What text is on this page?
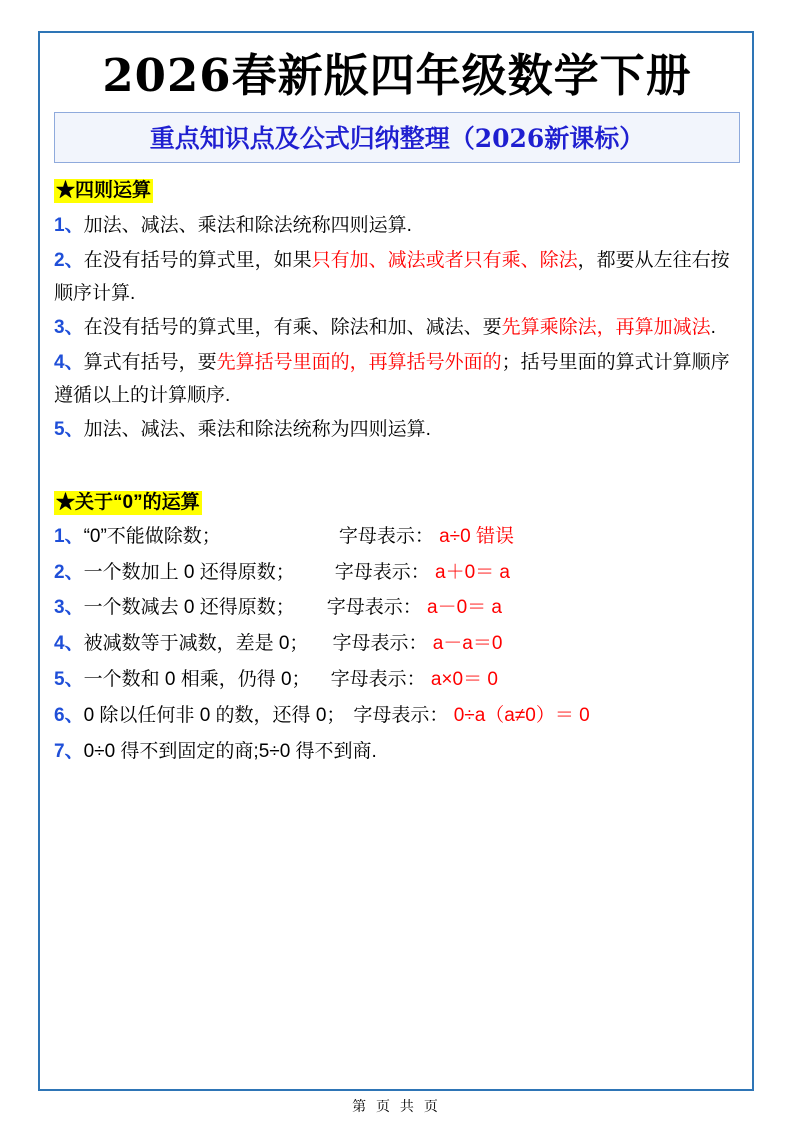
2026春新版四年级数学下册
重点知识点及公式归纳整理（2026新课标）
★四则运算
1、加法、减法、乘法和除法统称四则运算.
2、在没有括号的算式里，如果只有加、减法或者只有乘、除法，都要从左往右按顺序计算.
3、在没有括号的算式里，有乘、除法和加、减法、要先算乘除法，再算加减法.
4、算式有括号，要先算括号里面的，再算括号外面的；括号里面的算式计算顺序遵循以上的计算顺序.
5、加法、减法、乘法和除法统称为四则运算.
★关于“0”的运算
1、 “0”不能做除数；	字母表示： a÷0 错误
2、 一个数加上 0 还得原数； 字母表示： a＋0＝ a
3、 一个数减去 0 还得原数； 字母表示： a－0＝ a
4、 被减数等于减数，差是 0； 字母表示： a－a＝0
5、 一个数和 0 相乘，仍得 0； 字母表示： a×0＝ 0
6、 0 除以任何非 0 的数，还得 0； 字母表示： 0÷a（a≠0）＝ 0
7、 0÷0 得不到固定的商;5÷0 得不到商.
第 页 共 页
